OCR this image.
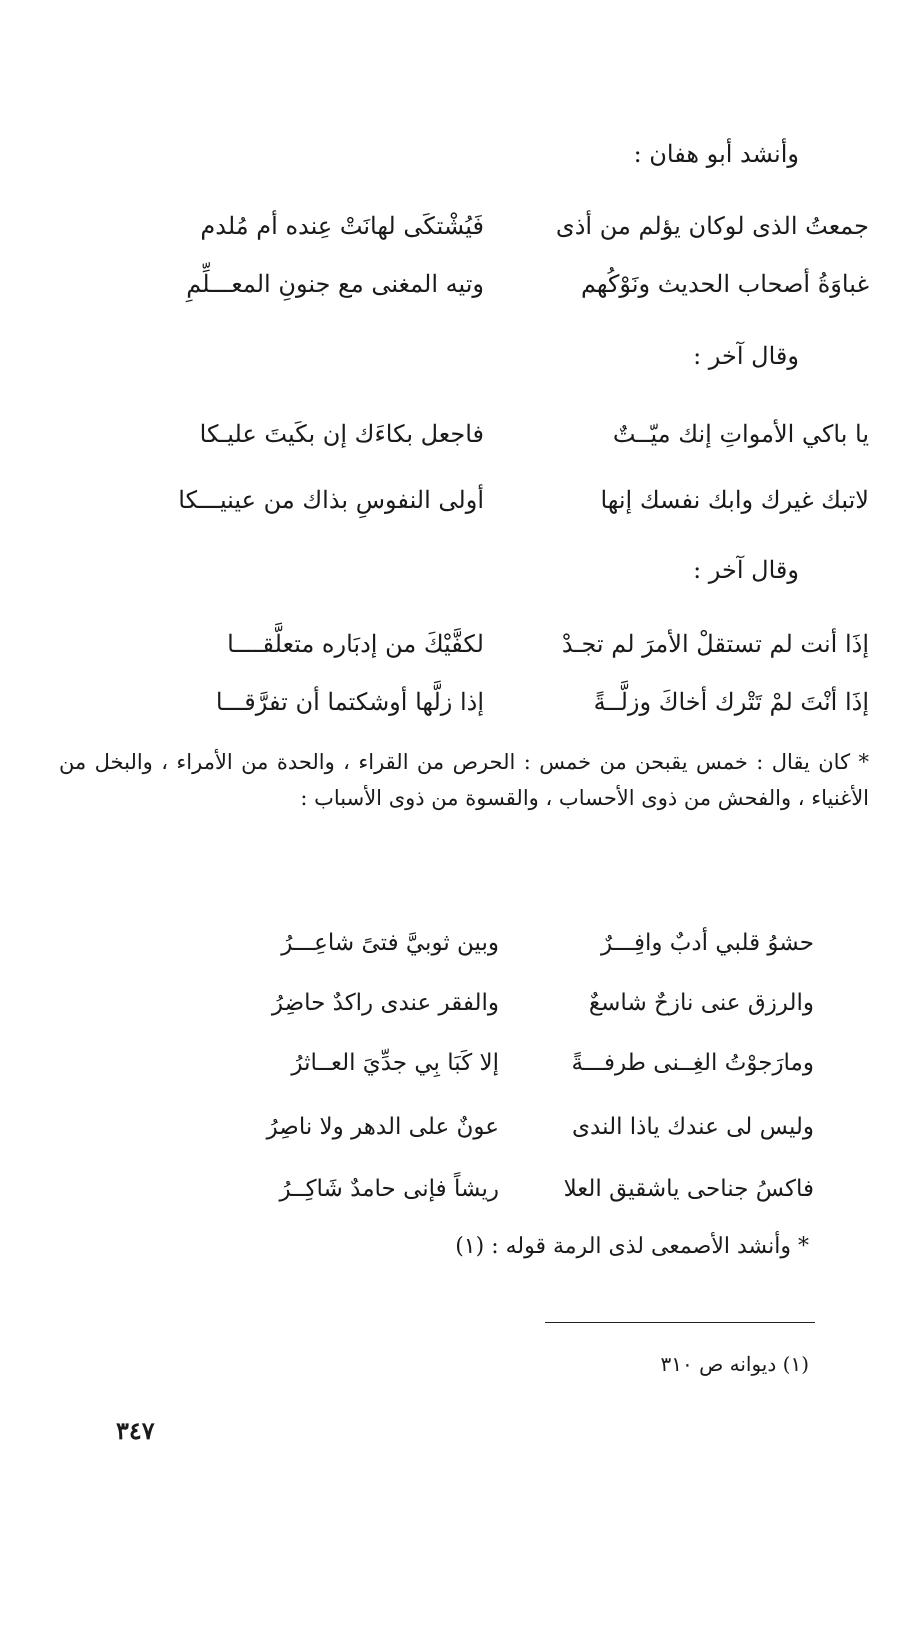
وأنشد أبو هفان :
جمعتُ الذى لوكان يؤلم من أذى
فَيُشْتكَى لهانَتْ عِنده أم مُلدم
غباوَةُ أصحاب الحديث ونَوْكُهم
وتيه المغنى مع جنونِ المعـــلِّمِ
وقال آخر :
يا باكي الأمواتِ إنك ميّــتٌ
فاجعل بكاءَك إن بكَيتَ عليـكا
لاتبك غيرك وابك نفسك إنها
أولى النفوسِ بذاك من عينيـــكا
وقال آخر :
إذَا أنت لم تستقلْ الأمرَ لم تجـدْ
لكفَّيْكَ من إدبَاره متعلَّقــــا
إذَا أنْتَ لمْ تَتْرك أخاكَ وزلَّــةً
إذا زلَّها أوشكتما أن تفرَّقـــا
* كان يقال : خمس يقبحن من خمس : الحرص من القراء ، والحدة من الأمراء ، والبخل من الأغنياء ، والفحش من ذوى الأحساب ، والقسوة من ذوى الأسباب :
حشوُ قلبي أدبٌ وافِـــرٌ
وبين ثوبيَّ فتىً شاعِـــرُ
والرزق عنى نازحٌ شاسعٌ
والفقر عندى راكدٌ حاضِرُ
ومارَجوْتُ الغِــنى طرفـــةً
إلا كَبَا بِي جدِّيَ العــاثرُ
وليس لى عندك ياذا الندى
عونٌ على الدهر ولا ناصِرُ
فاكسُ جناحى ياشقيق العلا
ريشاً فإنى حامدٌ شَاكِــرُ
* وأنشد الأصمعى لذى الرمة قوله : (١)
(١) ديوانه ص ٣١٠
٣٤٧
